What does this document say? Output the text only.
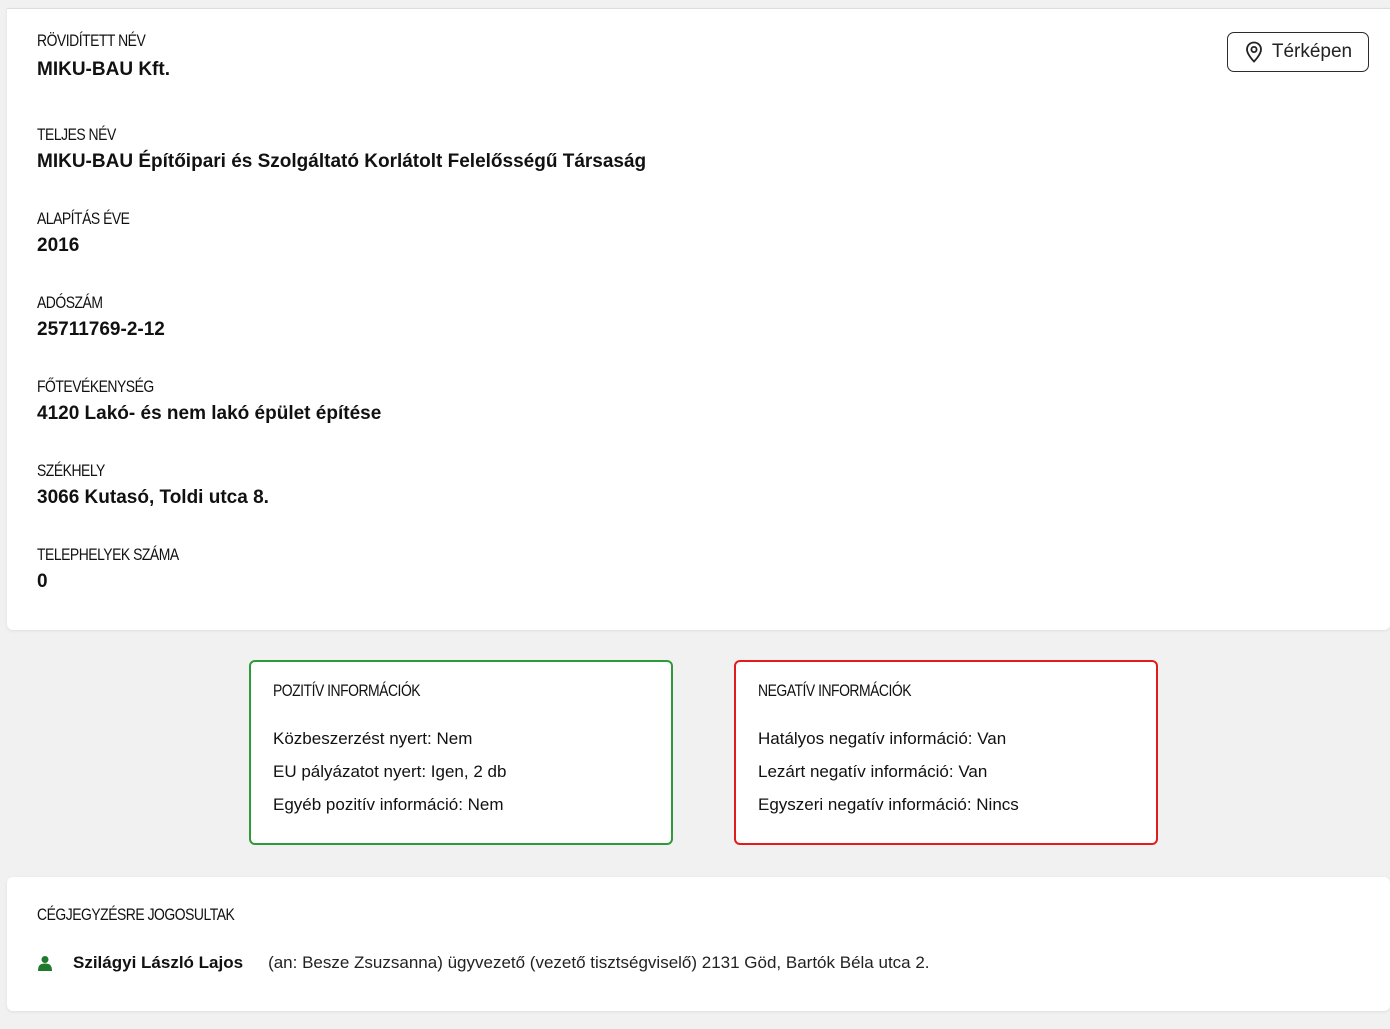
RÖVIDÍTETT NÉV
MIKU-BAU Kft.
Térképen
TELJES NÉV
MIKU-BAU Építőipari és Szolgáltató Korlátolt Felelősségű Társaság
ALAPÍTÁS ÉVE
2016
ADÓSZÁM
25711769-2-12
FŐTEVÉKENYSÉG
4120 Lakó- és nem lakó épület építése
SZÉKHELY
3066 Kutasó, Toldi utca 8.
TELEPHELYEK SZÁMA
0
POZITÍV INFORMÁCIÓK
Közbeszerzést nyert: Nem
EU pályázatot nyert: Igen, 2 db
Egyéb pozitív információ: Nem
NEGATÍV INFORMÁCIÓK
Hatályos negatív információ: Van
Lezárt negatív információ: Van
Egyszeri negatív információ: Nincs
CÉGJEGYZÉSRE JOGOSULTAK
Szilágyi László Lajos (an: Besze Zsuzsanna) ügyvezető (vezető tisztségviselő) 2131 Göd, Bartók Béla utca 2.
